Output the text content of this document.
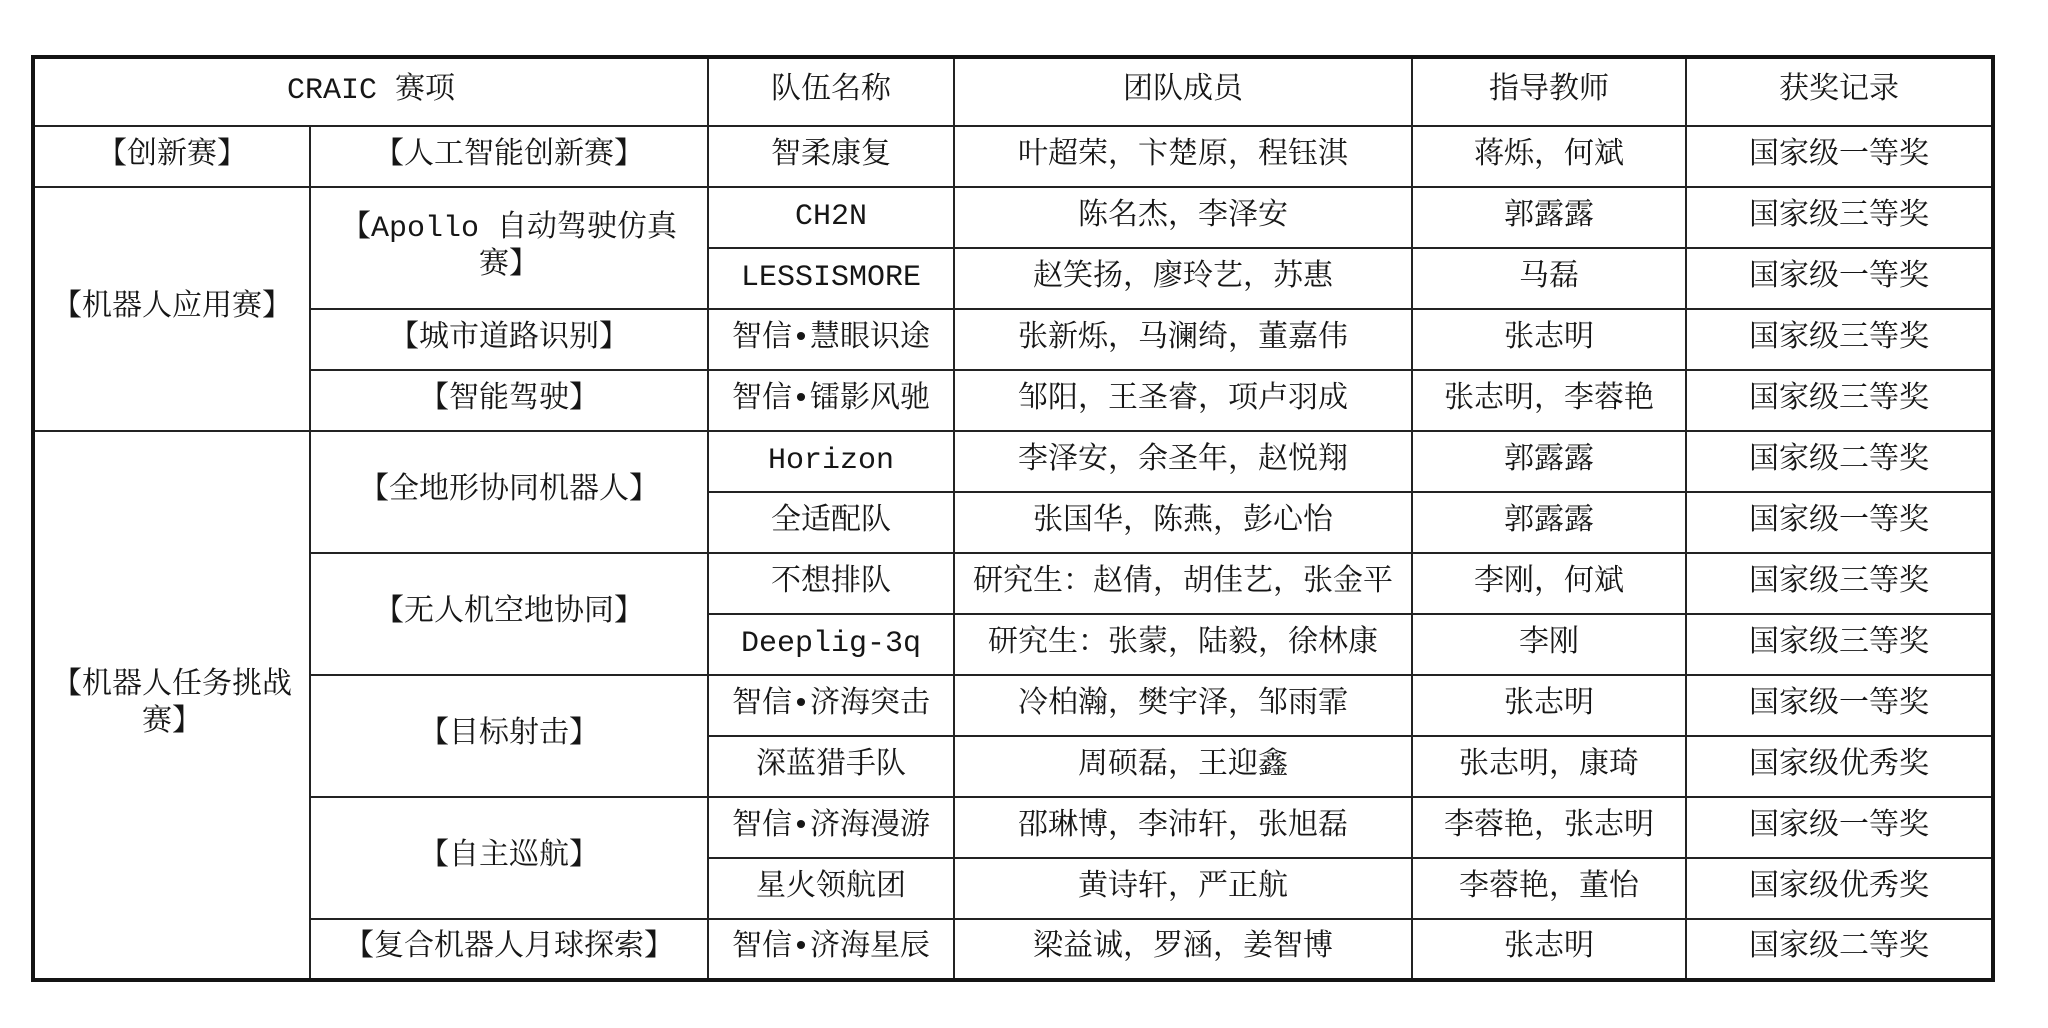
CRAIC 赛项		队伍名称	团队成员	指导教师	获奖记录
【创新赛】	【人工智能创新赛】	智柔康复	叶超荣，卞楚原，程钰淇	蒋烁，何斌	国家级一等奖
【机器人应用赛】	【Apollo 自动驾驶仿真赛】	CH2N	陈名杰，李泽安	郭露露	国家级三等奖
		LESSISMORE	赵笑扬，廖玲艺，苏惠	马磊	国家级一等奖
	【城市道路识别】	智信•慧眼识途	张新烁，马澜绮，董嘉伟	张志明	国家级三等奖
	【智能驾驶】	智信•镭影风驰	邹阳，王圣睿，项卢羽成	张志明，李蓉艳	国家级三等奖
【机器人任务挑战赛】	【全地形协同机器人】	Horizon	李泽安，余圣年，赵悦翔	郭露露	国家级二等奖
		全适配队	张国华，陈燕，彭心怡	郭露露	国家级一等奖
	【无人机空地协同】	不想排队	研究生：赵倩，胡佳艺，张金平	李刚，何斌	国家级三等奖
		Deeplig-3q	研究生：张蒙，陆毅，徐林康	李刚	国家级三等奖
	【目标射击】	智信•济海突击	冷柏瀚，樊宇泽，邹雨霏	张志明	国家级一等奖
		深蓝猎手队	周硕磊，王迎鑫	张志明，康琦	国家级优秀奖
	【自主巡航】	智信•济海漫游	邵琳博，李沛轩，张旭磊	李蓉艳，张志明	国家级一等奖
		星火领航团	黄诗轩，严正航	李蓉艳，董怡	国家级优秀奖
	【复合机器人月球探索】	智信•济海星辰	梁益诚，罗涵，姜智博	张志明	国家级二等奖
